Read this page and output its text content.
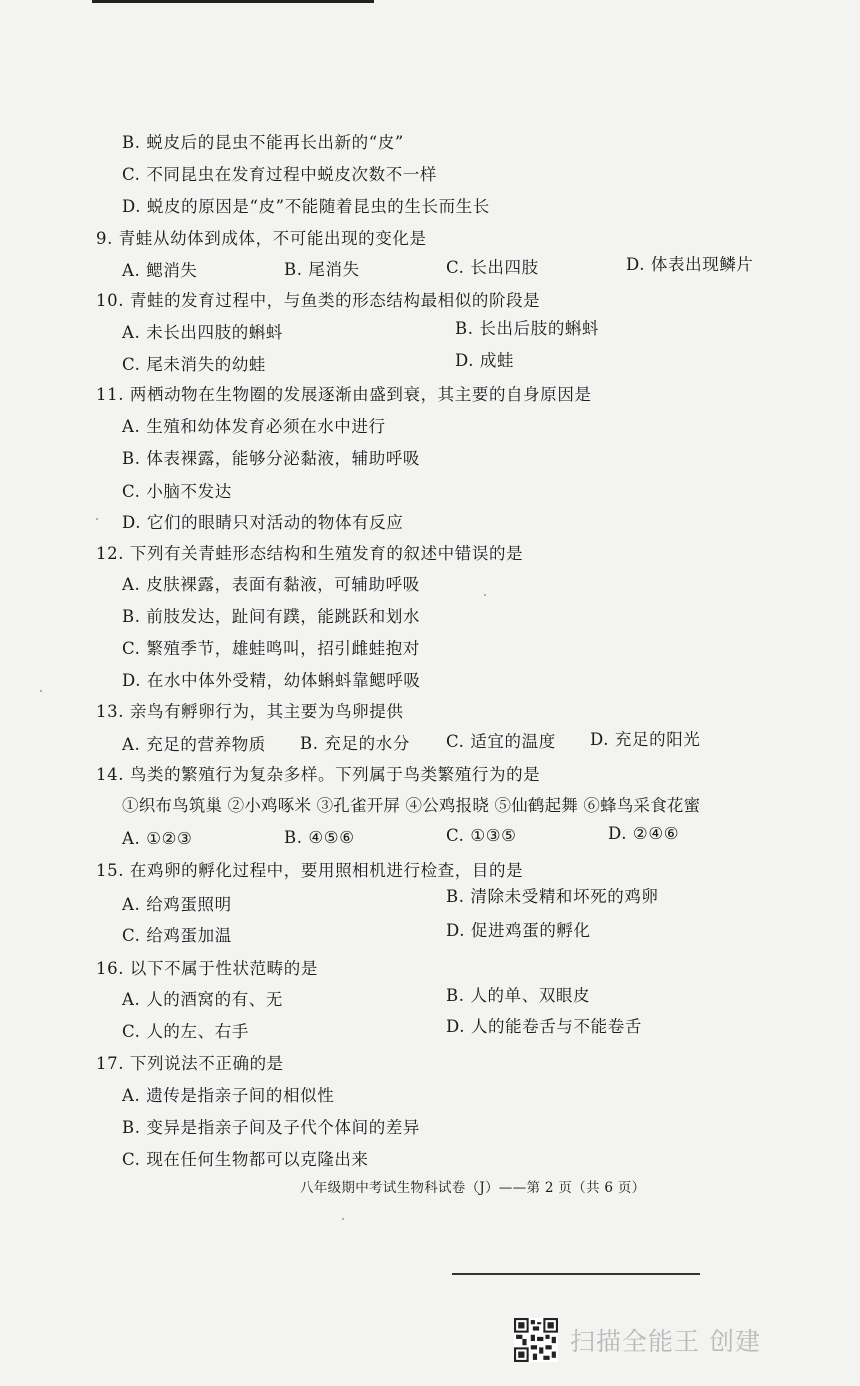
B. 蜕皮后的昆虫不能再长出新的“皮”
C. 不同昆虫在发育过程中蜕皮次数不一样
D. 蜕皮的原因是“皮”不能随着昆虫的生长而生长
9. 青蛙从幼体到成体，不可能出现的变化是
A. 鳃消失	B. 尾消失	C. 长出四肢	D. 体表出现鳞片
10. 青蛙的发育过程中，与鱼类的形态结构最相似的阶段是
A. 未长出四肢的蝌蚪	B. 长出后肢的蝌蚪
C. 尾未消失的幼蛙	D. 成蛙
11. 两栖动物在生物圈的发展逐渐由盛到衰，其主要的自身原因是
A. 生殖和幼体发育必须在水中进行
B. 体表裸露，能够分泌黏液，辅助呼吸
C. 小脑不发达
D. 它们的眼睛只对活动的物体有反应
12. 下列有关青蛙形态结构和生殖发育的叙述中错误的是
A. 皮肤裸露，表面有黏液，可辅助呼吸
B. 前肢发达，趾间有蹼，能跳跃和划水
C. 繁殖季节，雄蛙鸣叫，招引雌蛙抱对
D. 在水中体外受精，幼体蝌蚪靠鳃呼吸
13. 亲鸟有孵卵行为，其主要为鸟卵提供
A. 充足的营养物质 B. 充足的水分 C. 适宜的温度 D. 充足的阳光
14. 鸟类的繁殖行为复杂多样。下列属于鸟类繁殖行为的是
①织布鸟筑巢 ②小鸡啄米 ③孔雀开屏 ④公鸡报晓 ⑤仙鹤起舞 ⑥蜂鸟采食花蜜
A. ①②③	B. ④⑤⑥	C. ①③⑤	D. ②④⑥
15. 在鸡卵的孵化过程中，要用照相机进行检查，目的是
A. 给鸡蛋照明	B. 清除未受精和坏死的鸡卵
C. 给鸡蛋加温	D. 促进鸡蛋的孵化
16. 以下不属于性状范畴的是
A. 人的酒窝的有、无	B. 人的单、双眼皮
C. 人的左、右手	D. 人的能卷舌与不能卷舌
17. 下列说法不正确的是
A. 遗传是指亲子间的相似性
B. 变异是指亲子间及子代个体间的差异
C. 现在任何生物都可以克隆出来
八年级期中考试生物科试卷（J）——第 2 页（共 6 页）
扫描全能王 创建
